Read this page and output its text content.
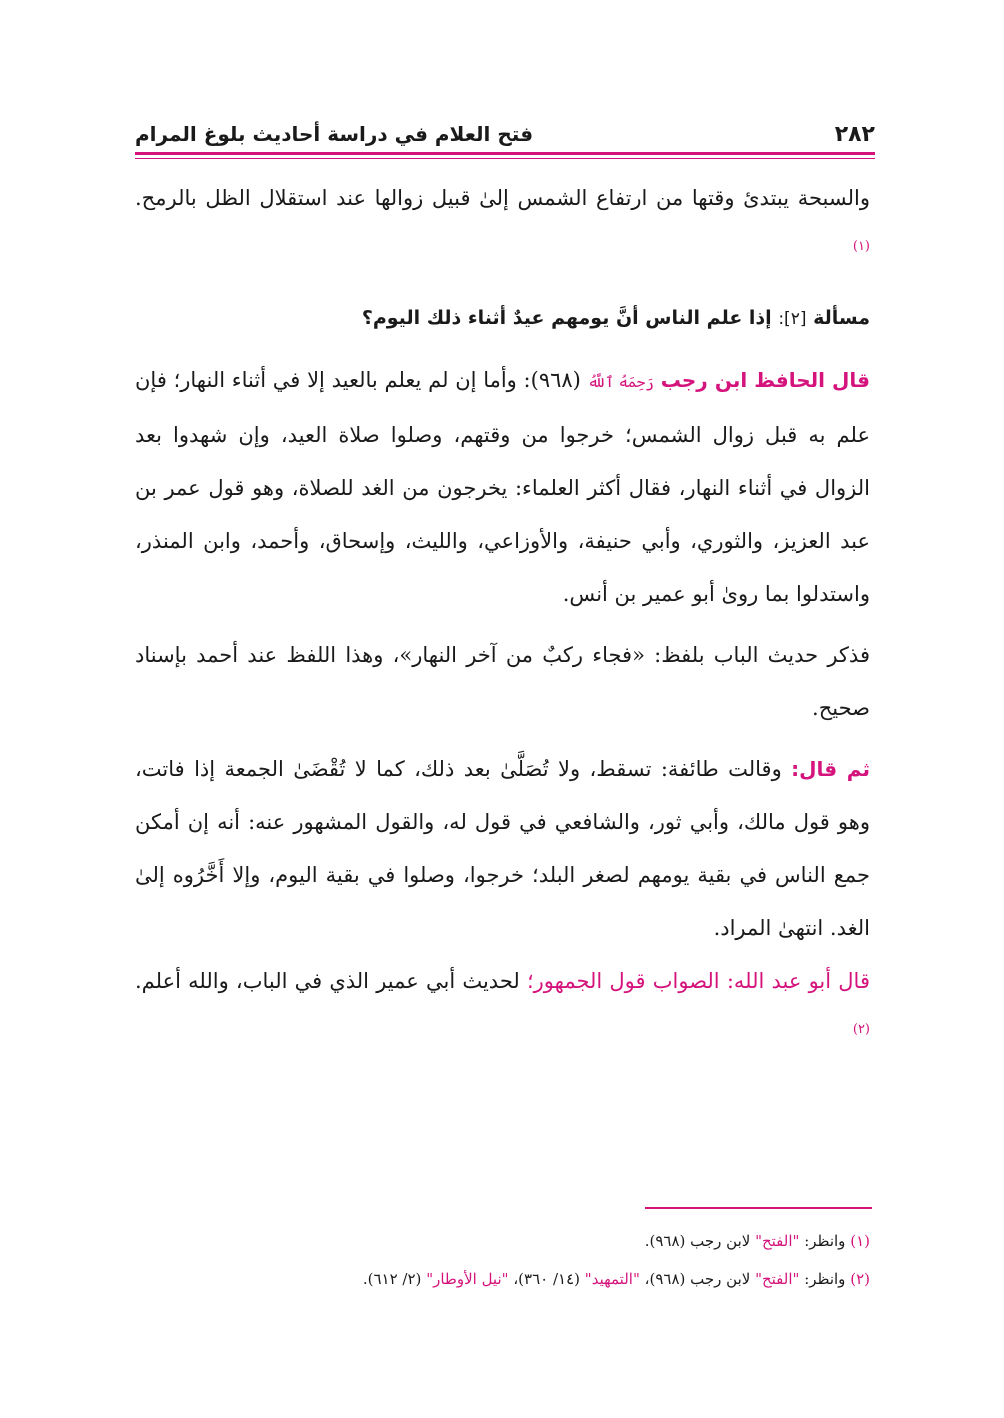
٢٨٢
فتح العلام في دراسة أحاديث بلوغ المرام

والسبحة يبتدئ وقتها من ارتفاع الشمس إلىٰ قبيل زوالها عند استقلال الظل بالرمح. $^{(١)}$

مسألة [٢]: إذا علم الناس أنَّ يومهم عيدٌ أثناء ذلك اليوم؟

قال الحافظ ابن رجب رَحِمَهُ ٱللَّهُ (٩٦٨): وأما إن لم يعلم بالعيد إلا في أثناء النهار؛ فإن علم به قبل زوال الشمس؛ خرجوا من وقتهم، وصلوا صلاة العيد، وإن شهدوا بعد الزوال في أثناء النهار، فقال أكثر العلماء: يخرجون من الغد للصلاة، وهو قول عمر بن عبد العزيز، والثوري، وأبي حنيفة، والأوزاعي، والليث، وإسحاق، وأحمد، وابن المنذر، واستدلوا بما روىٰ أبو عمير بن أنس.

فذكر حديث الباب بلفظ: «فجاء ركبٌ من آخر النهار»، وهذا اللفظ عند أحمد بإسناد صحيح.

ثم قال: وقالت طائفة: تسقط، ولا تُصَلَّىٰ بعد ذلك، كما لا تُقْضَىٰ الجمعة إذا فاتت، وهو قول مالك، وأبي ثور، والشافعي في قول له، والقول المشهور عنه: أنه إن أمكن جمع الناس في بقية يومهم لصغر البلد؛ خرجوا، وصلوا في بقية اليوم، وإلا أَخَّرُوه إلىٰ الغد. انتهىٰ المراد.

قال أبو عبد الله: الصواب قول الجمهور؛ لحديث أبي عمير الذي في الباب، والله أعلم. $^{(٢)}$

(١) وانظر: "الفتح" لابن رجب (٩٦٨).

(٢) وانظر: "الفتح" لابن رجب (٩٦٨)، "التمهيد" (١٤/ ٣٦٠)، "نيل الأوطار" (٢/ ٦١٢).
